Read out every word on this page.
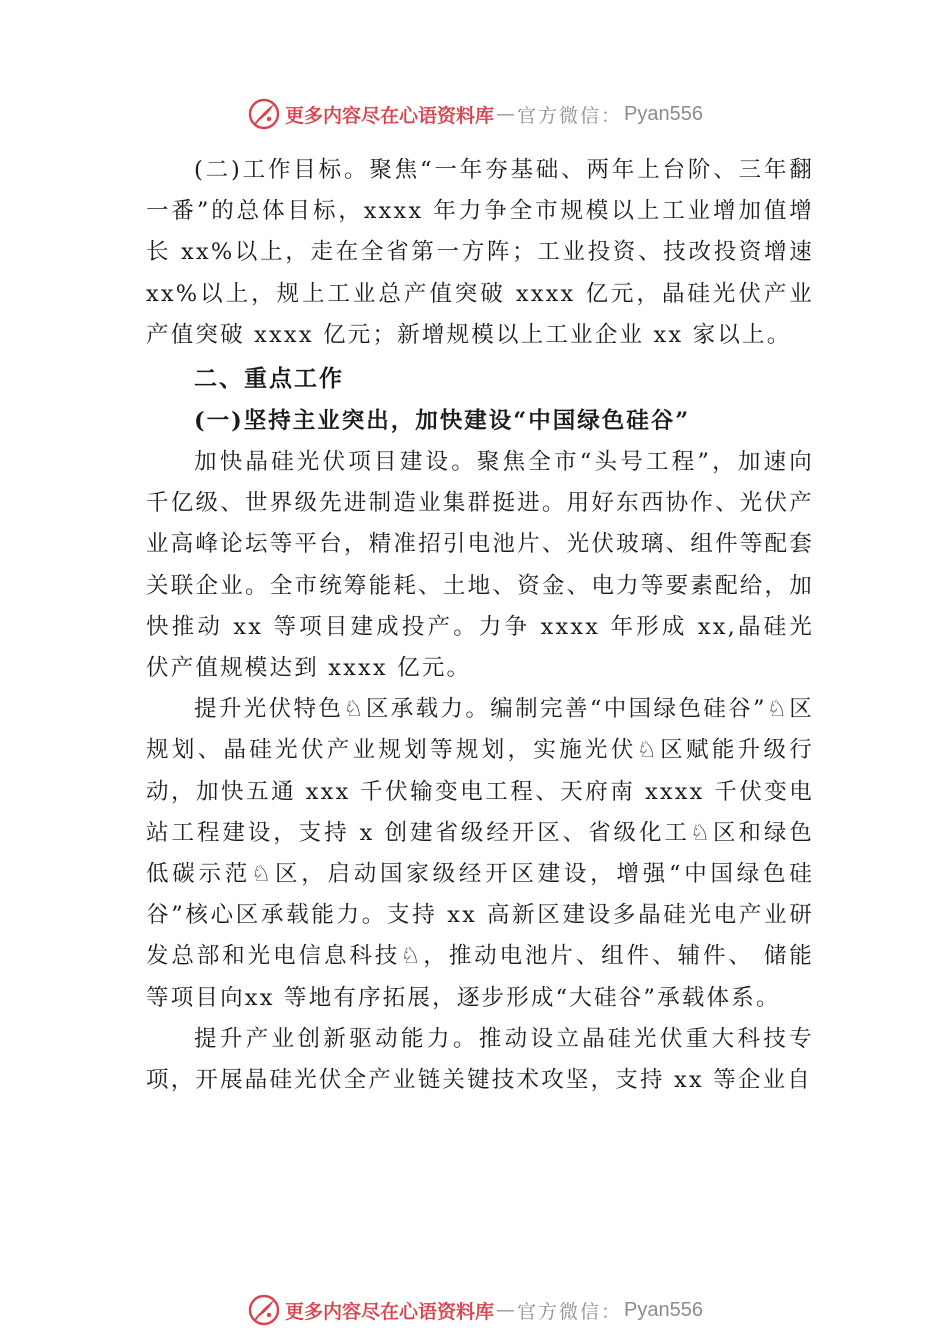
更多内容尽在心语资料库 — 官方微信： Pyan556

(二)工作目标。聚焦“一年夯基础、两年上台阶、三年翻一番”的总体目标，xxxx 年力争全市规模以上工业增加值增长 xx%以上，走在全省第一方阵；工业投资、技改投资增速xx%以上，规上工业总产值突破 xxxx 亿元，晶硅光伏产业产值突破 xxxx 亿元；新增规模以上工业企业 xx 家以上。

二、重点工作
(一)坚持主业突出，加快建设“中国绿色硅谷”

加快晶硅光伏项目建设。聚焦全市“头号工程”，加速向千亿级、世界级先进制造业集群挺进。用好东西协作、光伏产业高峰论坛等平台，精准招引电池片、光伏玻璃、组件等配套关联企业。全市统筹能耗、土地、资金、电力等要素配给，加快推动 xx 等项目建成投产。力争 xxxx 年形成 xx,晶硅光伏产值规模达到 xxxx 亿元。

提升光伏特色♘区承载力。编制完善“中国绿色硅谷”♘区规划、晶硅光伏产业规划等规划，实施光伏♘区赋能升级行动，加快五通 xxx 千伏输变电工程、天府南 xxxx 千伏变电站工程建设，支持 x 创建省级经开区、省级化工♘区和绿色低碳示范♘区，启动国家级经开区建设，增强“中国绿色硅谷”核心区承载能力。支持 xx 高新区建设多晶硅光电产业研发总部和光电信息科技♘，推动电池片、组件、辅件、 储能等项目向xx 等地有序拓展，逐步形成“大硅谷”承载体系。

提升产业创新驱动能力。推动设立晶硅光伏重大科技专项，开展晶硅光伏全产业链关键技术攻坚，支持 xx 等企业自

更多内容尽在心语资料库 — 官方微信： Pyan556
